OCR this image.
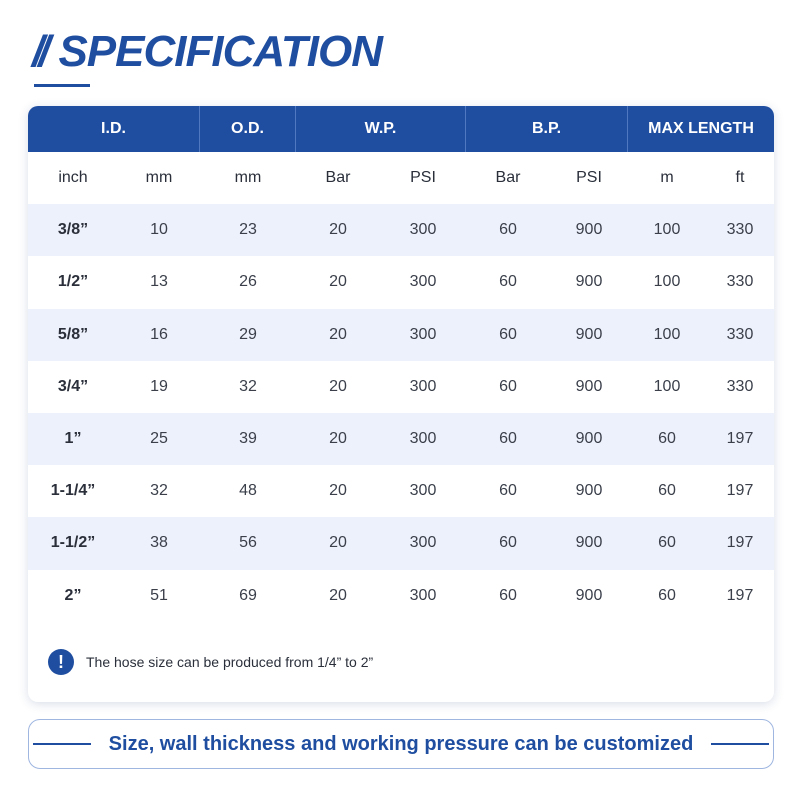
// SPECIFICATION
I.D.	O.D.	W.P.	B.P.	MAX LENGTH
inch	mm	mm	Bar	PSI	Bar	PSI	m	ft
3/8”	10	23	20	300	60	900	100	330
1/2”	13	26	20	300	60	900	100	330
5/8”	16	29	20	300	60	900	100	330
3/4”	19	32	20	300	60	900	100	330
1”	25	39	20	300	60	900	60	197
1-1/4”	32	48	20	300	60	900	60	197
1-1/2”	38	56	20	300	60	900	60	197
2”	51	69	20	300	60	900	60	197
!	The hose size can be produced from 1/4” to 2”
Size, wall thickness and working pressure can be customized
